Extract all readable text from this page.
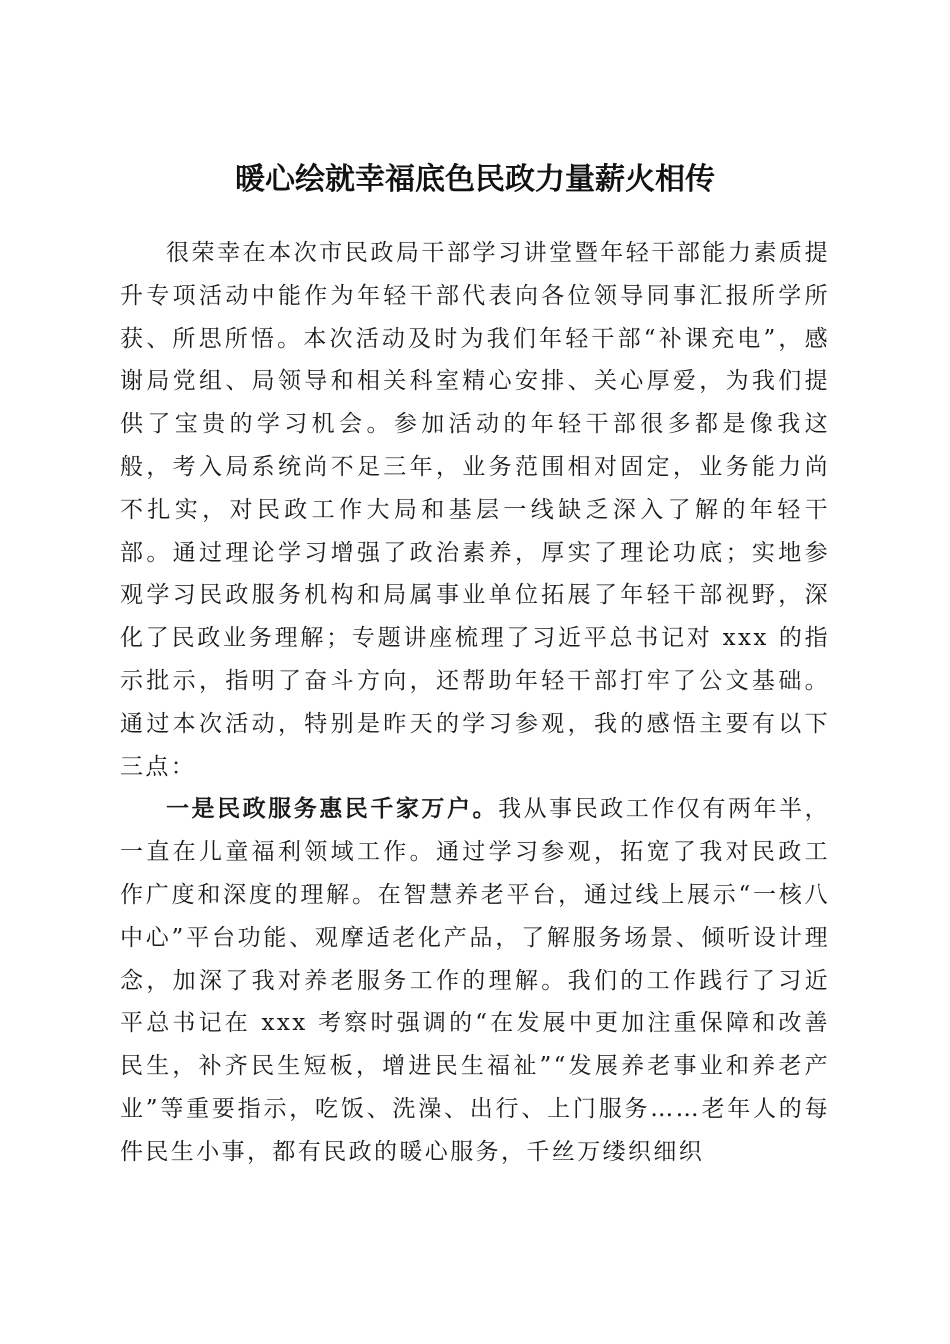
暖心绘就幸福底色民政力量薪火相传

很荣幸在本次市民政局干部学习讲堂暨年轻干部能力素质提升专项活动中能作为年轻干部代表向各位领导同事汇报所学所获、所思所悟。本次活动及时为我们年轻干部“补课充电”，感谢局党组、局领导和相关科室精心安排、关心厚爱，为我们提供了宝贵的学习机会。参加活动的年轻干部很多都是像我这般，考入局系统尚不足三年，业务范围相对固定，业务能力尚不扎实，对民政工作大局和基层一线缺乏深入了解的年轻干部。通过理论学习增强了政治素养，厚实了理论功底；实地参观学习民政服务机构和局属事业单位拓展了年轻干部视野，深化了民政业务理解；专题讲座梳理了习近平总书记对 xxx 的指示批示，指明了奋斗方向，还帮助年轻干部打牢了公文基础。通过本次活动，特别是昨天的学习参观，我的感悟主要有以下三点：

一是民政服务惠民千家万户。我从事民政工作仅有两年半，一直在儿童福利领域工作。通过学习参观，拓宽了我对民政工作广度和深度的理解。在智慧养老平台，通过线上展示“一核八中心”平台功能、观摩适老化产品，了解服务场景、倾听设计理念，加深了我对养老服务工作的理解。我们的工作践行了习近平总书记在 xxx 考察时强调的“在发展中更加注重保障和改善民生，补齐民生短板，增进民生福祉”“发展养老事业和养老产业”等重要指示，吃饭、洗澡、出行、上门服务……老年人的每件民生小事，都有民政的暖心服务，千丝万缕织细织
